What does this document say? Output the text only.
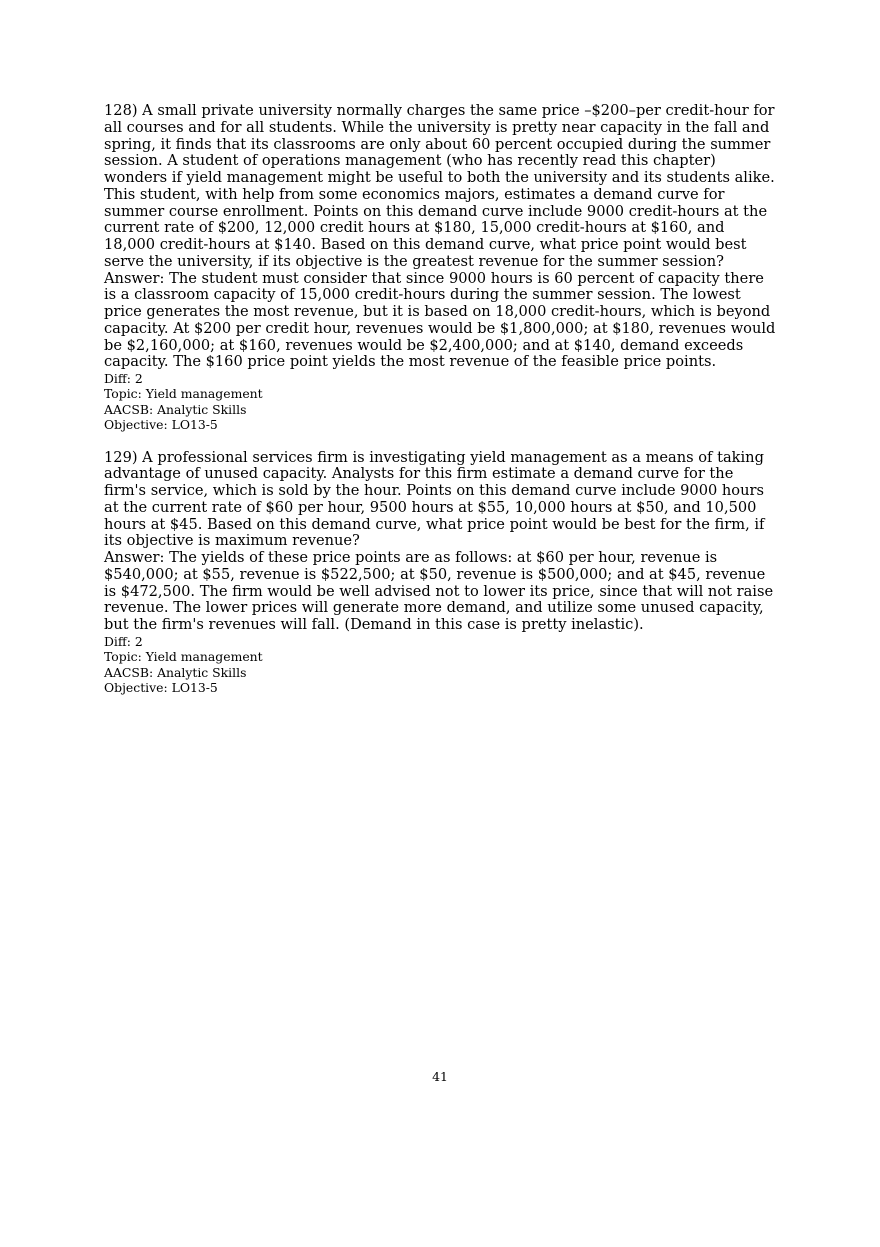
128) A small private university normally charges the same price –$200–per credit-hour for all courses and for all students. While the university is pretty near capacity in the fall and spring, it finds that its classrooms are only about 60 percent occupied during the summer session. A student of operations management (who has recently read this chapter) wonders if yield management might be useful to both the university and its students alike. This student, with help from some economics majors, estimates a demand curve for summer course enrollment. Points on this demand curve include 9000 credit-hours at the current rate of $200, 12,000 credit hours at $180, 15,000 credit-hours at $160, and 18,000 credit-hours at $140. Based on this demand curve, what price point would best serve the university, if its objective is the greatest revenue for the summer session?

Answer: The student must consider that since 9000 hours is 60 percent of capacity there is a classroom capacity of 15,000 credit-hours during the summer session. The lowest price generates the most revenue, but it is based on 18,000 credit-hours, which is beyond capacity. At $200 per credit hour, revenues would be $1,800,000; at $180, revenues would be $2,160,000; at $160, revenues would be $2,400,000; and at $140, demand exceeds capacity. The $160 price point yields the most revenue of the feasible price points.

Diff: 2

Topic: Yield management

AACSB: Analytic Skills

Objective: LO13-5

129) A professional services firm is investigating yield management as a means of taking advantage of unused capacity. Analysts for this firm estimate a demand curve for the firm's service, which is sold by the hour. Points on this demand curve include 9000 hours at the current rate of $60 per hour, 9500 hours at $55, 10,000 hours at $50, and 10,500 hours at $45. Based on this demand curve, what price point would be best for the firm, if its objective is maximum revenue?

Answer: The yields of these price points are as follows: at $60 per hour, revenue is $540,000; at $55, revenue is $522,500; at $50, revenue is $500,000; and at $45, revenue is $472,500. The firm would be well advised not to lower its price, since that will not raise revenue. The lower prices will generate more demand, and utilize some unused capacity, but the firm's revenues will fall. (Demand in this case is pretty inelastic).

Diff: 2

Topic: Yield management

AACSB: Analytic Skills

Objective: LO13-5

41
